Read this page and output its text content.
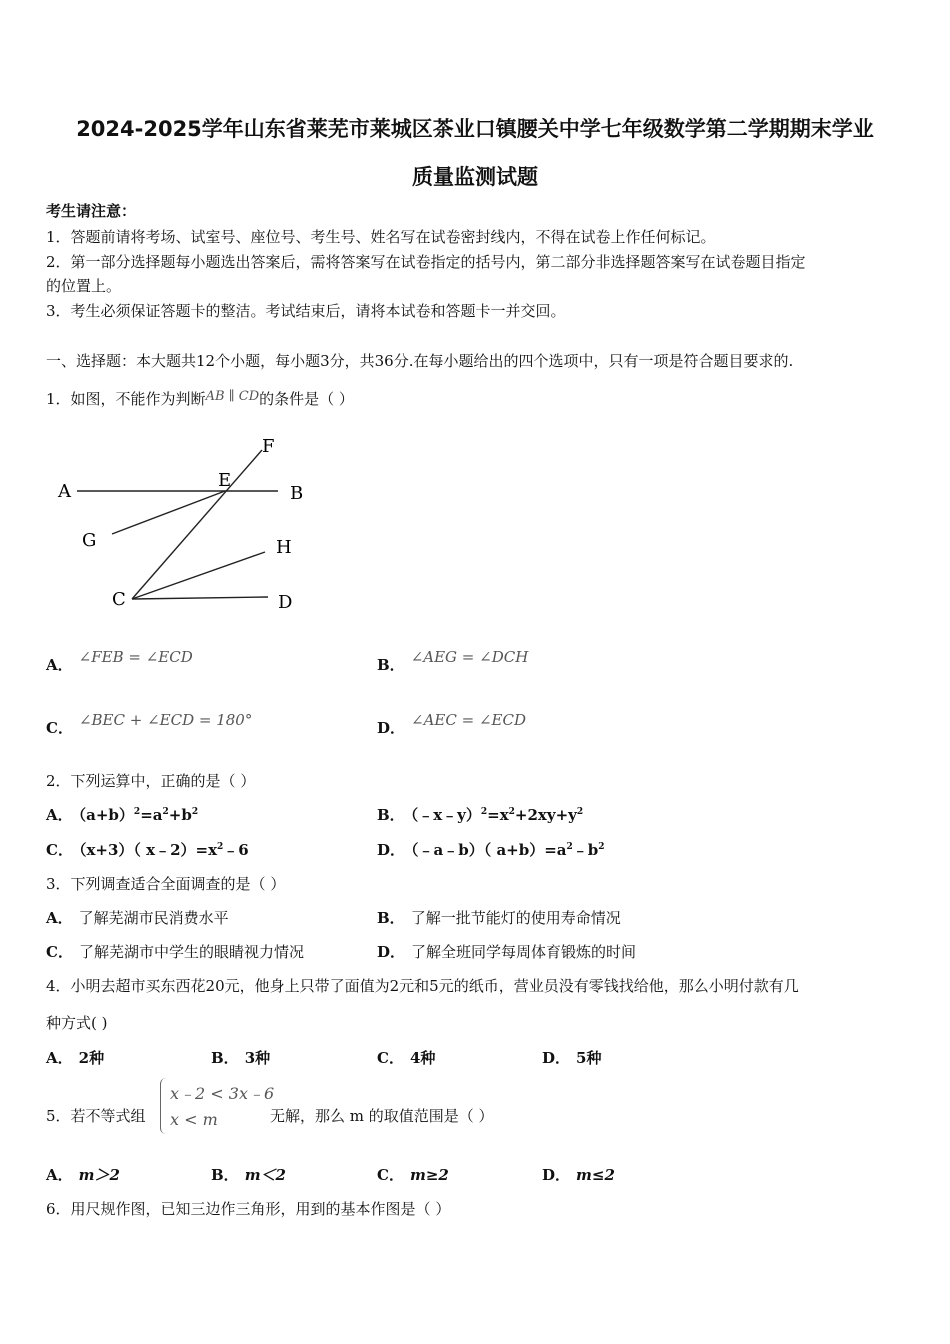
2024-2025学年山东省莱芜市莱城区茶业口镇腰关中学七年级数学第二学期期末学业
质量监测试题
考生请注意：
1．答题前请将考场、试室号、座位号、考生号、姓名写在试卷密封线内，不得在试卷上作任何标记。
2．第一部分选择题每小题选出答案后，需将答案写在试卷指定的括号内，第二部分非选择题答案写在试卷题目指定
的位置上。
3．考生必须保证答题卡的整洁。考试结束后，请将本试卷和答题卡一并交回。
一、选择题：本大题共12个小题，每小题3分，共36分.在每小题给出的四个选项中，只有一项是符合题目要求的.
1．如图，不能作为判断AB ∥ CD的条件是（ ）
A	B
E
F
G	H
C	D
A． ∠FEB = ∠ECD	B． ∠AEG = ∠DCH
C． ∠BEC + ∠ECD = 180°	D． ∠AEC = ∠ECD
2．下列运算中，正确的是（ ）
A． $(a+b)^2=a^2+b^2$	B． $(﹣x﹣y)^2=x^2+2xy+y^2$
C． （x+3）（ $x﹣2)=x^2﹣6$	D． （﹣a﹣b）（ $a+b)=a^2﹣b^2$
3．下列调查适合全面调查的是（ ）
A． 了解芜湖市民消费水平	B． 了解一批节能灯的使用寿命情况
C． 了解芜湖市中学生的眼睛视力情况	D． 了解全班同学每周体育锻炼的时间
4．小明去超市买东西花20元，他身上只带了面值为2元和5元的纸币，营业员没有零钱找给他，那么小明付款有几
种方式( )
A． 2种	B． 3种	C． 4种	D． 5种
5．若不等式组
x﹣2 < 3x﹣6
x < m	无解，那么 m 的取值范围是（ ）
A． m＞2	B． m＜2	C． m≥2	D． m≤2
6．用尺规作图，已知三边作三角形，用到的基本作图是（ ）
